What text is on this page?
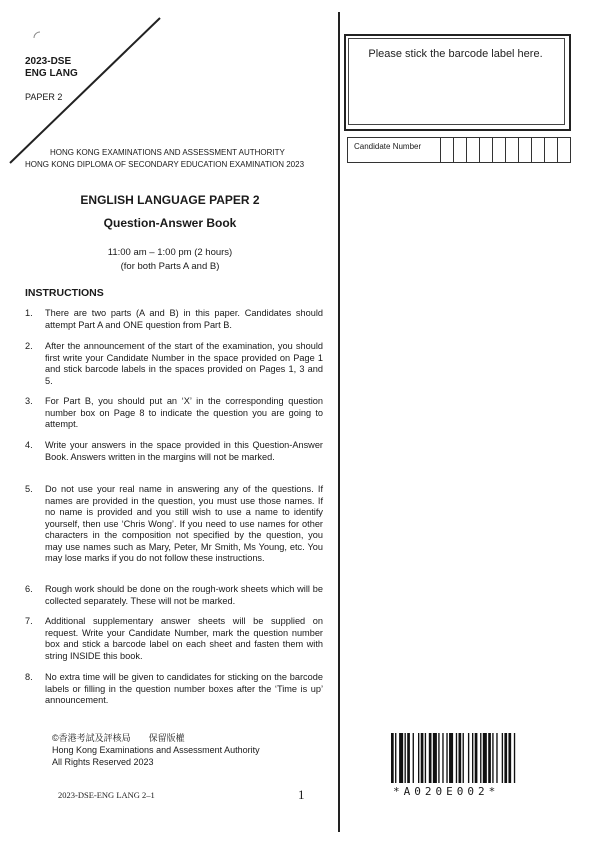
2023-DSE
ENG LANG
PAPER 2
HONG KONG EXAMINATIONS AND ASSESSMENT AUTHORITY
HONG KONG DIPLOMA OF SECONDARY EDUCATION EXAMINATION 2023
ENGLISH LANGUAGE PAPER 2
Question-Answer Book
11:00 am – 1:00 pm (2 hours)
(for both Parts A and B)
INSTRUCTIONS
1.	There are two parts (A and B) in this paper. Candidates should attempt Part A and ONE question from Part B.
2.	After the announcement of the start of the examination, you should first write your Candidate Number in the space provided on Page 1 and stick barcode labels in the spaces provided on Pages 1, 3 and 5.
3.	For Part B, you should put an ‘X’ in the corresponding question number box on Page 8 to indicate the question you are going to attempt.
4.	Write your answers in the space provided in this Question-Answer Book. Answers written in the margins will not be marked.
5.	Do not use your real name in answering any of the questions. If names are provided in the question, you must use those names. If no name is provided and you still wish to use a name to identify yourself, then use ‘Chris Wong’. If you need to use names for other characters in the composition not specified by the question, you may use names such as Mary, Peter, Mr Smith, Ms Young, etc. You may lose marks if you do not follow these instructions.
6.	Rough work should be done on the rough-work sheets which will be collected separately. These will not be marked.
7.	Additional supplementary answer sheets will be supplied on request. Write your Candidate Number, mark the question number box and stick a barcode label on each sheet and fasten them with string INSIDE this book.
8.	No extra time will be given to candidates for sticking on the barcode labels or filling in the question number boxes after the ‘Time is up’ announcement.
©香港考試及評核局　　保留版權
Hong Kong Examinations and Assessment Authority
All Rights Reserved 2023
2023-DSE-ENG LANG 2–1	1
Please stick the barcode label here.
Candidate Number
*A020E002*
